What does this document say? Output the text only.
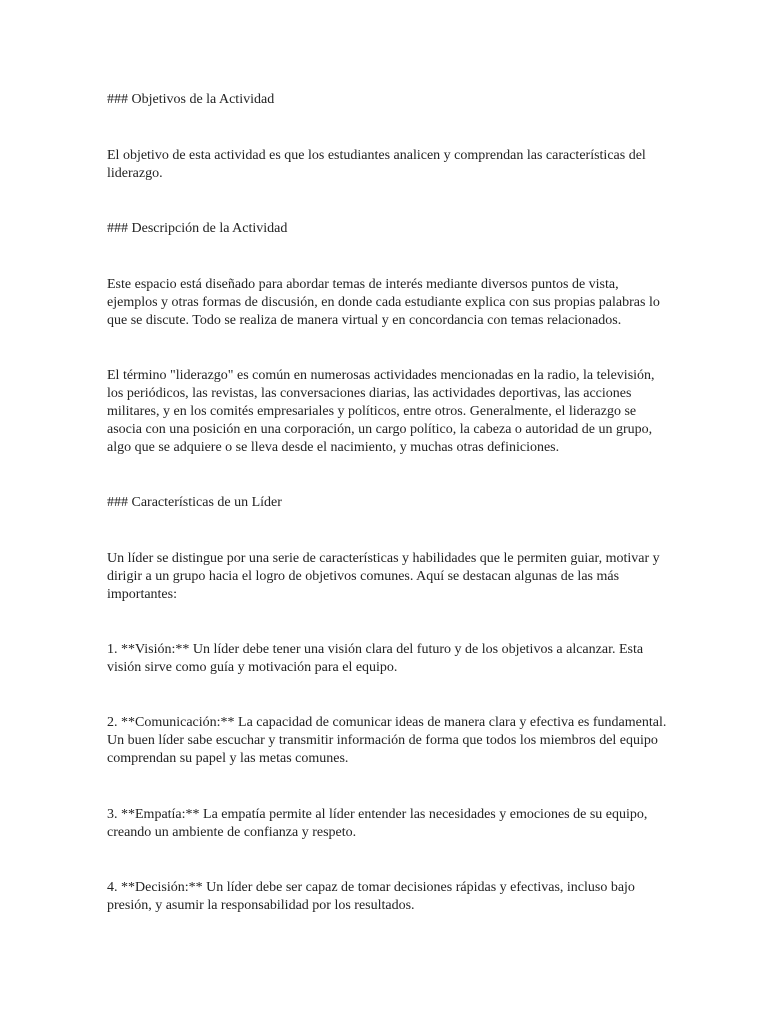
### Objetivos de la Actividad
El objetivo de esta actividad es que los estudiantes analicen y comprendan las características del
liderazgo.
### Descripción de la Actividad
Este espacio está diseñado para abordar temas de interés mediante diversos puntos de vista,
ejemplos y otras formas de discusión, en donde cada estudiante explica con sus propias palabras lo
que se discute. Todo se realiza de manera virtual y en concordancia con temas relacionados.
El término "liderazgo" es común en numerosas actividades mencionadas en la radio, la televisión,
los periódicos, las revistas, las conversaciones diarias, las actividades deportivas, las acciones
militares, y en los comités empresariales y políticos, entre otros. Generalmente, el liderazgo se
asocia con una posición en una corporación, un cargo político, la cabeza o autoridad de un grupo,
algo que se adquiere o se lleva desde el nacimiento, y muchas otras definiciones.
### Características de un Líder
Un líder se distingue por una serie de características y habilidades que le permiten guiar, motivar y
dirigir a un grupo hacia el logro de objetivos comunes. Aquí se destacan algunas de las más
importantes:
1. **Visión:** Un líder debe tener una visión clara del futuro y de los objetivos a alcanzar. Esta
visión sirve como guía y motivación para el equipo.
2. **Comunicación:** La capacidad de comunicar ideas de manera clara y efectiva es fundamental.
Un buen líder sabe escuchar y transmitir información de forma que todos los miembros del equipo
comprendan su papel y las metas comunes.
3. **Empatía:** La empatía permite al líder entender las necesidades y emociones de su equipo,
creando un ambiente de confianza y respeto.
4. **Decisión:** Un líder debe ser capaz de tomar decisiones rápidas y efectivas, incluso bajo
presión, y asumir la responsabilidad por los resultados.
